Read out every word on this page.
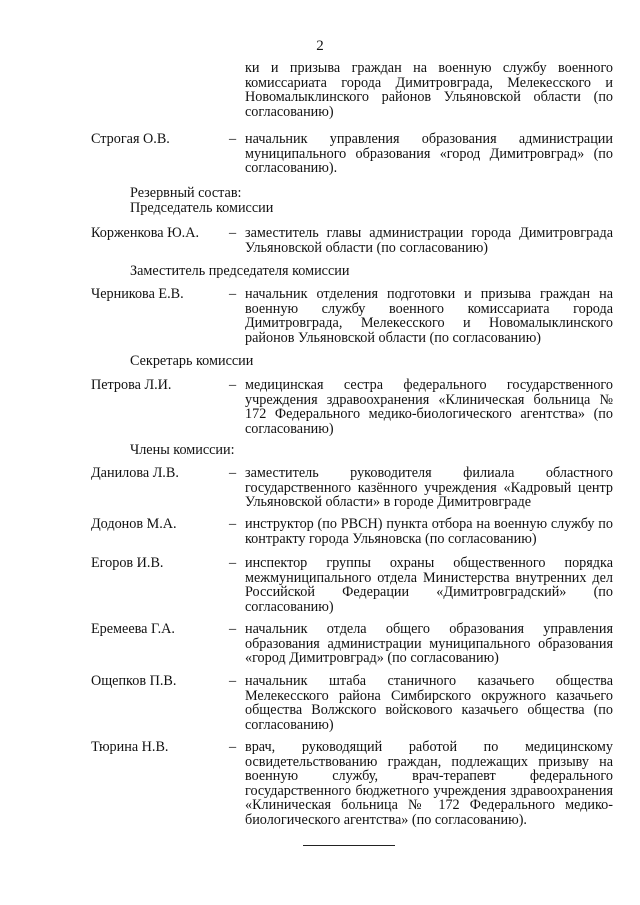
2
ки и призыва граждан на военную службу военного комиссариата города Димитровграда, Мелекесского и Новомалыклинского районов Ульяновской области (по согласованию)
Строгая О.В.	– начальник управления образования администрации муниципального образования «город Димитровград» (по согласованию).
Резервный состав:
Председатель комиссии
Корженкова Ю.А. – заместитель главы администрации города Димитровграда Ульяновской области (по согласованию)
Заместитель председателя комиссии
Черникова Е.В.	– начальник отделения подготовки и призыва граждан на военную службу военного комиссариата города Димитровграда, Мелекесского и Новомалыклинского районов Ульяновской области (по согласованию)
Секретарь комиссии
Петрова Л.И.	– медицинская сестра федерального государственного учреждения здравоохранения «Клиническая больница № 172 Федерального медико-биологического агентства» (по согласованию)
Члены комиссии:
Данилова Л.В.	– заместитель руководителя филиала областного государственного казённого учреждения «Кадровый центр Ульяновской области» в городе Димитровграде
Додонов М.А.	– инструктор (по РВСН) пункта отбора на военную службу по контракту города Ульяновска (по согласованию)
Егоров И.В.	– инспектор группы охраны общественного порядка межмуниципального отдела Министерства внутренних дел Российской Федерации «Димитровградский» (по согласованию)
Еремеева Г.А.	– начальник отдела общего образования управления образования администрации муниципального образования «город Димитровград» (по согласованию)
Ощепков П.В.	– начальник штаба станичного казачьего общества Мелекесского района Симбирского окружного казачьего общества Волжского войскового казачьего общества (по согласованию)
Тюрина Н.В.	– врач, руководящий работой по медицинскому освидетельствованию граждан, подлежащих призыву на военную службу, врач-терапевт федерального государственного бюджетного учреждения здравоохранения «Клиническая больница № 172 Федерального медико-биологического агентства» (по согласованию).
